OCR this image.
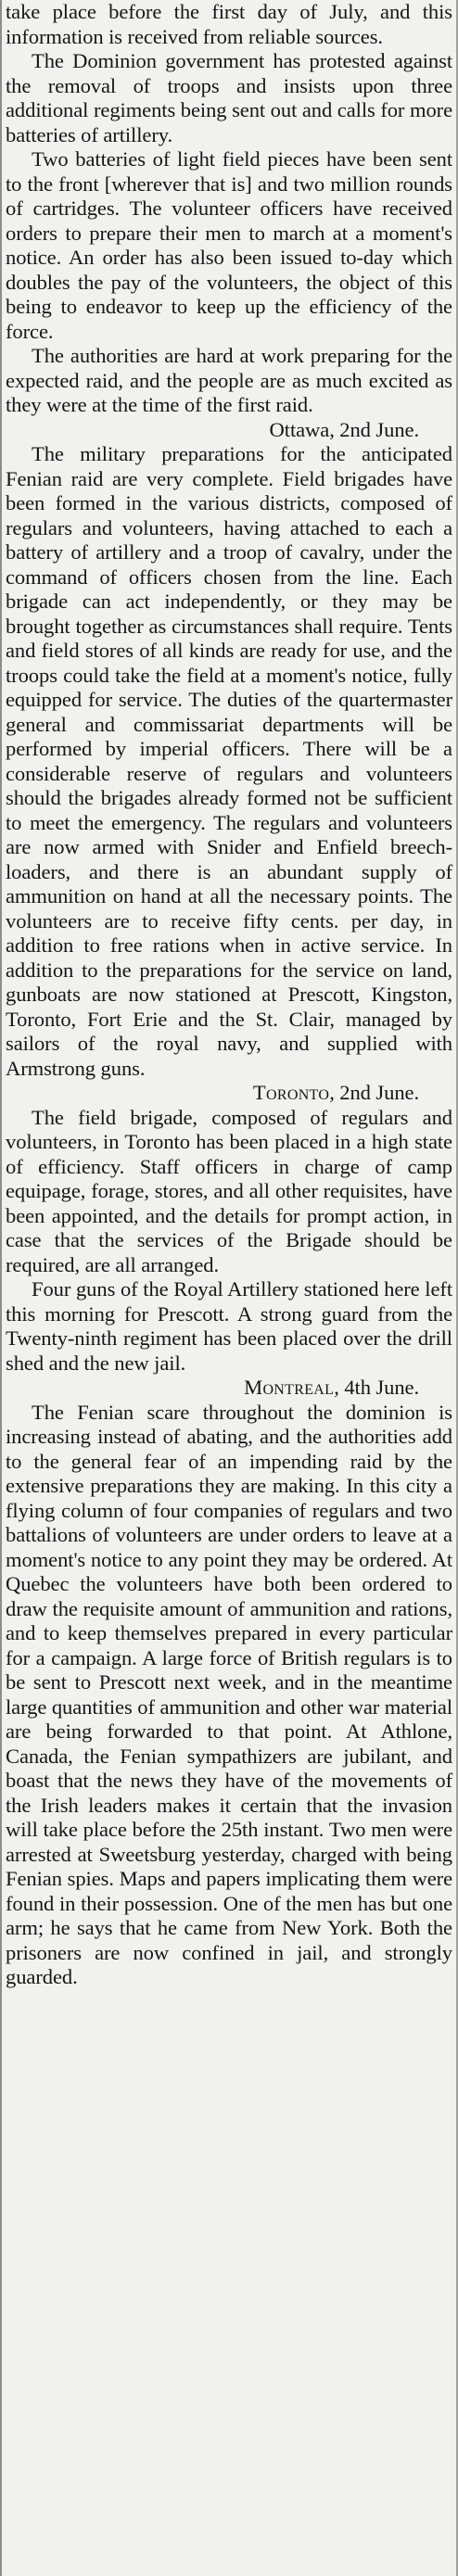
take place before the first day of July, and this information is received from reliable sources.

The Dominion government has protested against the removal of troops and insists upon three additional regiments being sent out and calls for more batteries of artillery.

Two batteries of light field pieces have been sent to the front [wherever that is] and two million rounds of cartridges. The volunteer officers have received orders to prepare their men to march at a moment's notice. An order has also been issued to-day which doubles the pay of the volunteers, the object of this being to endeavor to keep up the efficiency of the force.

The authorities are hard at work preparing for the expected raid, and the people are as much excited as they were at the time of the first raid.

Ottawa, 2nd June.

The military preparations for the anticipated Fenian raid are very complete. Field brigades have been formed in the various districts, composed of regulars and volunteers, having attached to each a battery of artillery and a troop of cavalry, under the command of officers chosen from the line. Each brigade can act independently, or they may be brought together as circumstances shall require. Tents and field stores of all kinds are ready for use, and the troops could take the field at a moment's notice, fully equipped for service. The duties of the quartermaster general and commissariat departments will be performed by imperial officers. There will be a considerable reserve of regulars and volunteers should the brigades already formed not be sufficient to meet the emergency. The regulars and volunteers are now armed with Snider and Enfield breech-loaders, and there is an abundant supply of ammunition on hand at all the necessary points. The volunteers are to receive fifty cents. per day, in addition to free rations when in active service. In addition to the preparations for the service on land, gunboats are now stationed at Prescott, Kingston, Toronto, Fort Erie and the St. Clair, managed by sailors of the royal navy, and supplied with Armstrong guns.

Toronto, 2nd June.

The field brigade, composed of regulars and volunteers, in Toronto has been placed in a high state of efficiency. Staff officers in charge of camp equipage, forage, stores, and all other requisites, have been appointed, and the details for prompt action, in case that the services of the Brigade should be required, are all arranged.

Four guns of the Royal Artillery stationed here left this morning for Prescott. A strong guard from the Twenty-ninth regiment has been placed over the drill shed and the new jail.

Montreal, 4th June.

The Fenian scare throughout the dominion is increasing instead of abating, and the authorities add to the general fear of an impending raid by the extensive preparations they are making. In this city a flying column of four companies of regulars and two battalions of volunteers are under orders to leave at a moment's notice to any point they may be ordered. At Quebec the volunteers have both been ordered to draw the requisite amount of ammunition and rations, and to keep themselves prepared in every particular for a campaign. A large force of British regulars is to be sent to Prescott next week, and in the meantime large quantities of ammunition and other war material are being forwarded to that point. At Athlone, Canada, the Fenian sympathizers are jubilant, and boast that the news they have of the movements of the Irish leaders makes it certain that the invasion will take place before the 25th instant. Two men were arrested at Sweetsburg yesterday, charged with being Fenian spies. Maps and papers implicating them were found in their possession. One of the men has but one arm; he says that he came from New York. Both the prisoners are now confined in jail, and strongly guarded.
